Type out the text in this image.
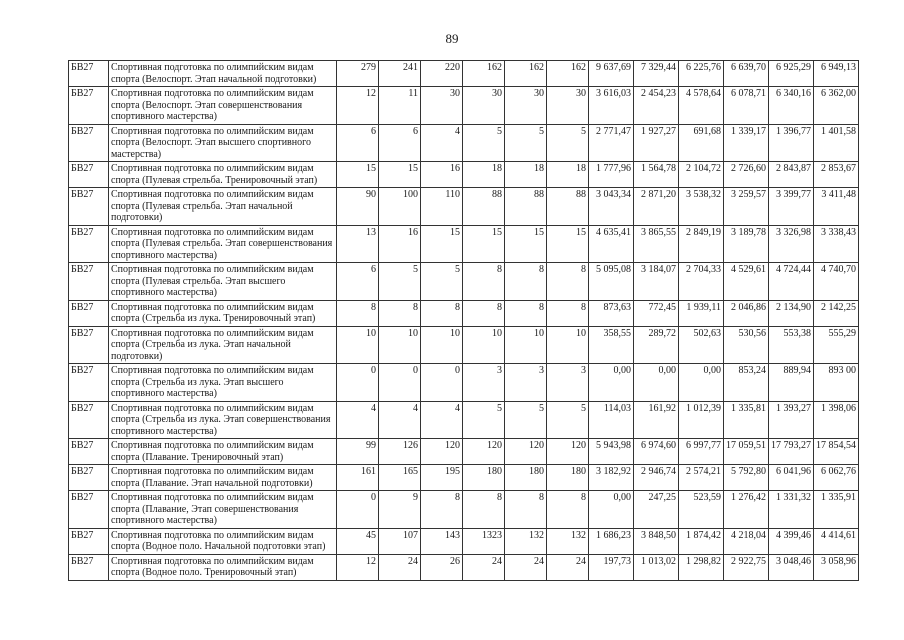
89
БВ27	Спортивная подготовка по олимпийским видам спорта (Велоспорт. Этап начальной подготовки)	279	241	220	162	162	162	9 637,69	7 329,44	6 225,76	6 639,70	6 925,29	6 949,13
БВ27	Спортивная подготовка по олимпийским видам спорта (Велоспорт. Этап совершенствования спортивного мастерства)	12	11	30	30	30	30	3 616,03	2 454,23	4 578,64	6 078,71	6 340,16	6 362,00
БВ27	Спортивная подготовка по олимпийским видам спорта (Велоспорт. Этап высшего спортивного мастерства)	6	6	4	5	5	5	2 771,47	1 927,27	691,68	1 339,17	1 396,77	1 401,58
БВ27	Спортивная подготовка по олимпийским видам спорта (Пулевая стрельба. Тренировочный этап)	15	15	16	18	18	18	1 777,96	1 564,78	2 104,72	2 726,60	2 843,87	2 853,67
БВ27	Спортивная подготовка по олимпийским видам спорта (Пулевая стрельба. Этап начальной подготовки)	90	100	110	88	88	88	3 043,34	2 871,20	3 538,32	3 259,57	3 399,77	3 411,48
БВ27	Спортивная подготовка по олимпийским видам спорта (Пулевая стрельба. Этап совершенствования спортивного мастерства)	13	16	15	15	15	15	4 635,41	3 865,55	2 849,19	3 189,78	3 326,98	3 338,43
БВ27	Спортивная подготовка по олимпийским видам спорта (Пулевая стрельба. Этап высшего спортивного мастерства)	6	5	5	8	8	8	5 095,08	3 184,07	2 704,33	4 529,61	4 724,44	4 740,70
БВ27	Спортивная подготовка по олимпийским видам спорта (Стрельба из лука. Тренировочный этап)	8	8	8	8	8	8	873,63	772,45	1 939,11	2 046,86	2 134,90	2 142,25
БВ27	Спортивная подготовка по олимпийским видам спорта (Стрельба из лука. Этап начальной подготовки)	10	10	10	10	10	10	358,55	289,72	502,63	530,56	553,38	555,29
БВ27	Спортивная подготовка по олимпийским видам спорта (Стрельба из лука. Этап высшего спортивного мастерства)	0	0	0	3	3	3	0,00	0,00	0,00	853,24	889,94	893 00
БВ27	Спортивная подготовка по олимпийским видам спорта (Стрельба из лука. Этап совершенствования спортивного мастерства)	4	4	4	5	5	5	114,03	161,92	1 012,39	1 335,81	1 393,27	1 398,06
БВ27	Спортивная подготовка по олимпийским видам спорта (Плавание. Тренировочный этап)	99	126	120	120	120	120	5 943,98	6 974,60	6 997,77	17 059,51	17 793,27	17 854,54
БВ27	Спортивная подготовка по олимпийским видам спорта (Плавание. Этап начальной подготовки)	161	165	195	180	180	180	3 182,92	2 946,74	2 574,21	5 792,80	6 041,96	6 062,76
БВ27	Спортивная подготовка по олимпийским видам спорта (Плавание, Этап совершенствования спортивного мастерства)	0	9	8	8	8	8	0,00	247,25	523,59	1 276,42	1 331,32	1 335,91
БВ27	Спортивная подготовка по олимпийским видам спорта (Водное поло. Начальной подготовки этап)	45	107	143	1323	132	132	1 686,23	3 848,50	1 874,42	4 218,04	4 399,46	4 414,61
БВ27	Спортивная подготовка по олимпийским видам спорта (Водное поло. Тренировочный этап)	12	24	26	24	24	24	197,73	1 013,02	1 298,82	2 922,75	3 048,46	3 058,96
